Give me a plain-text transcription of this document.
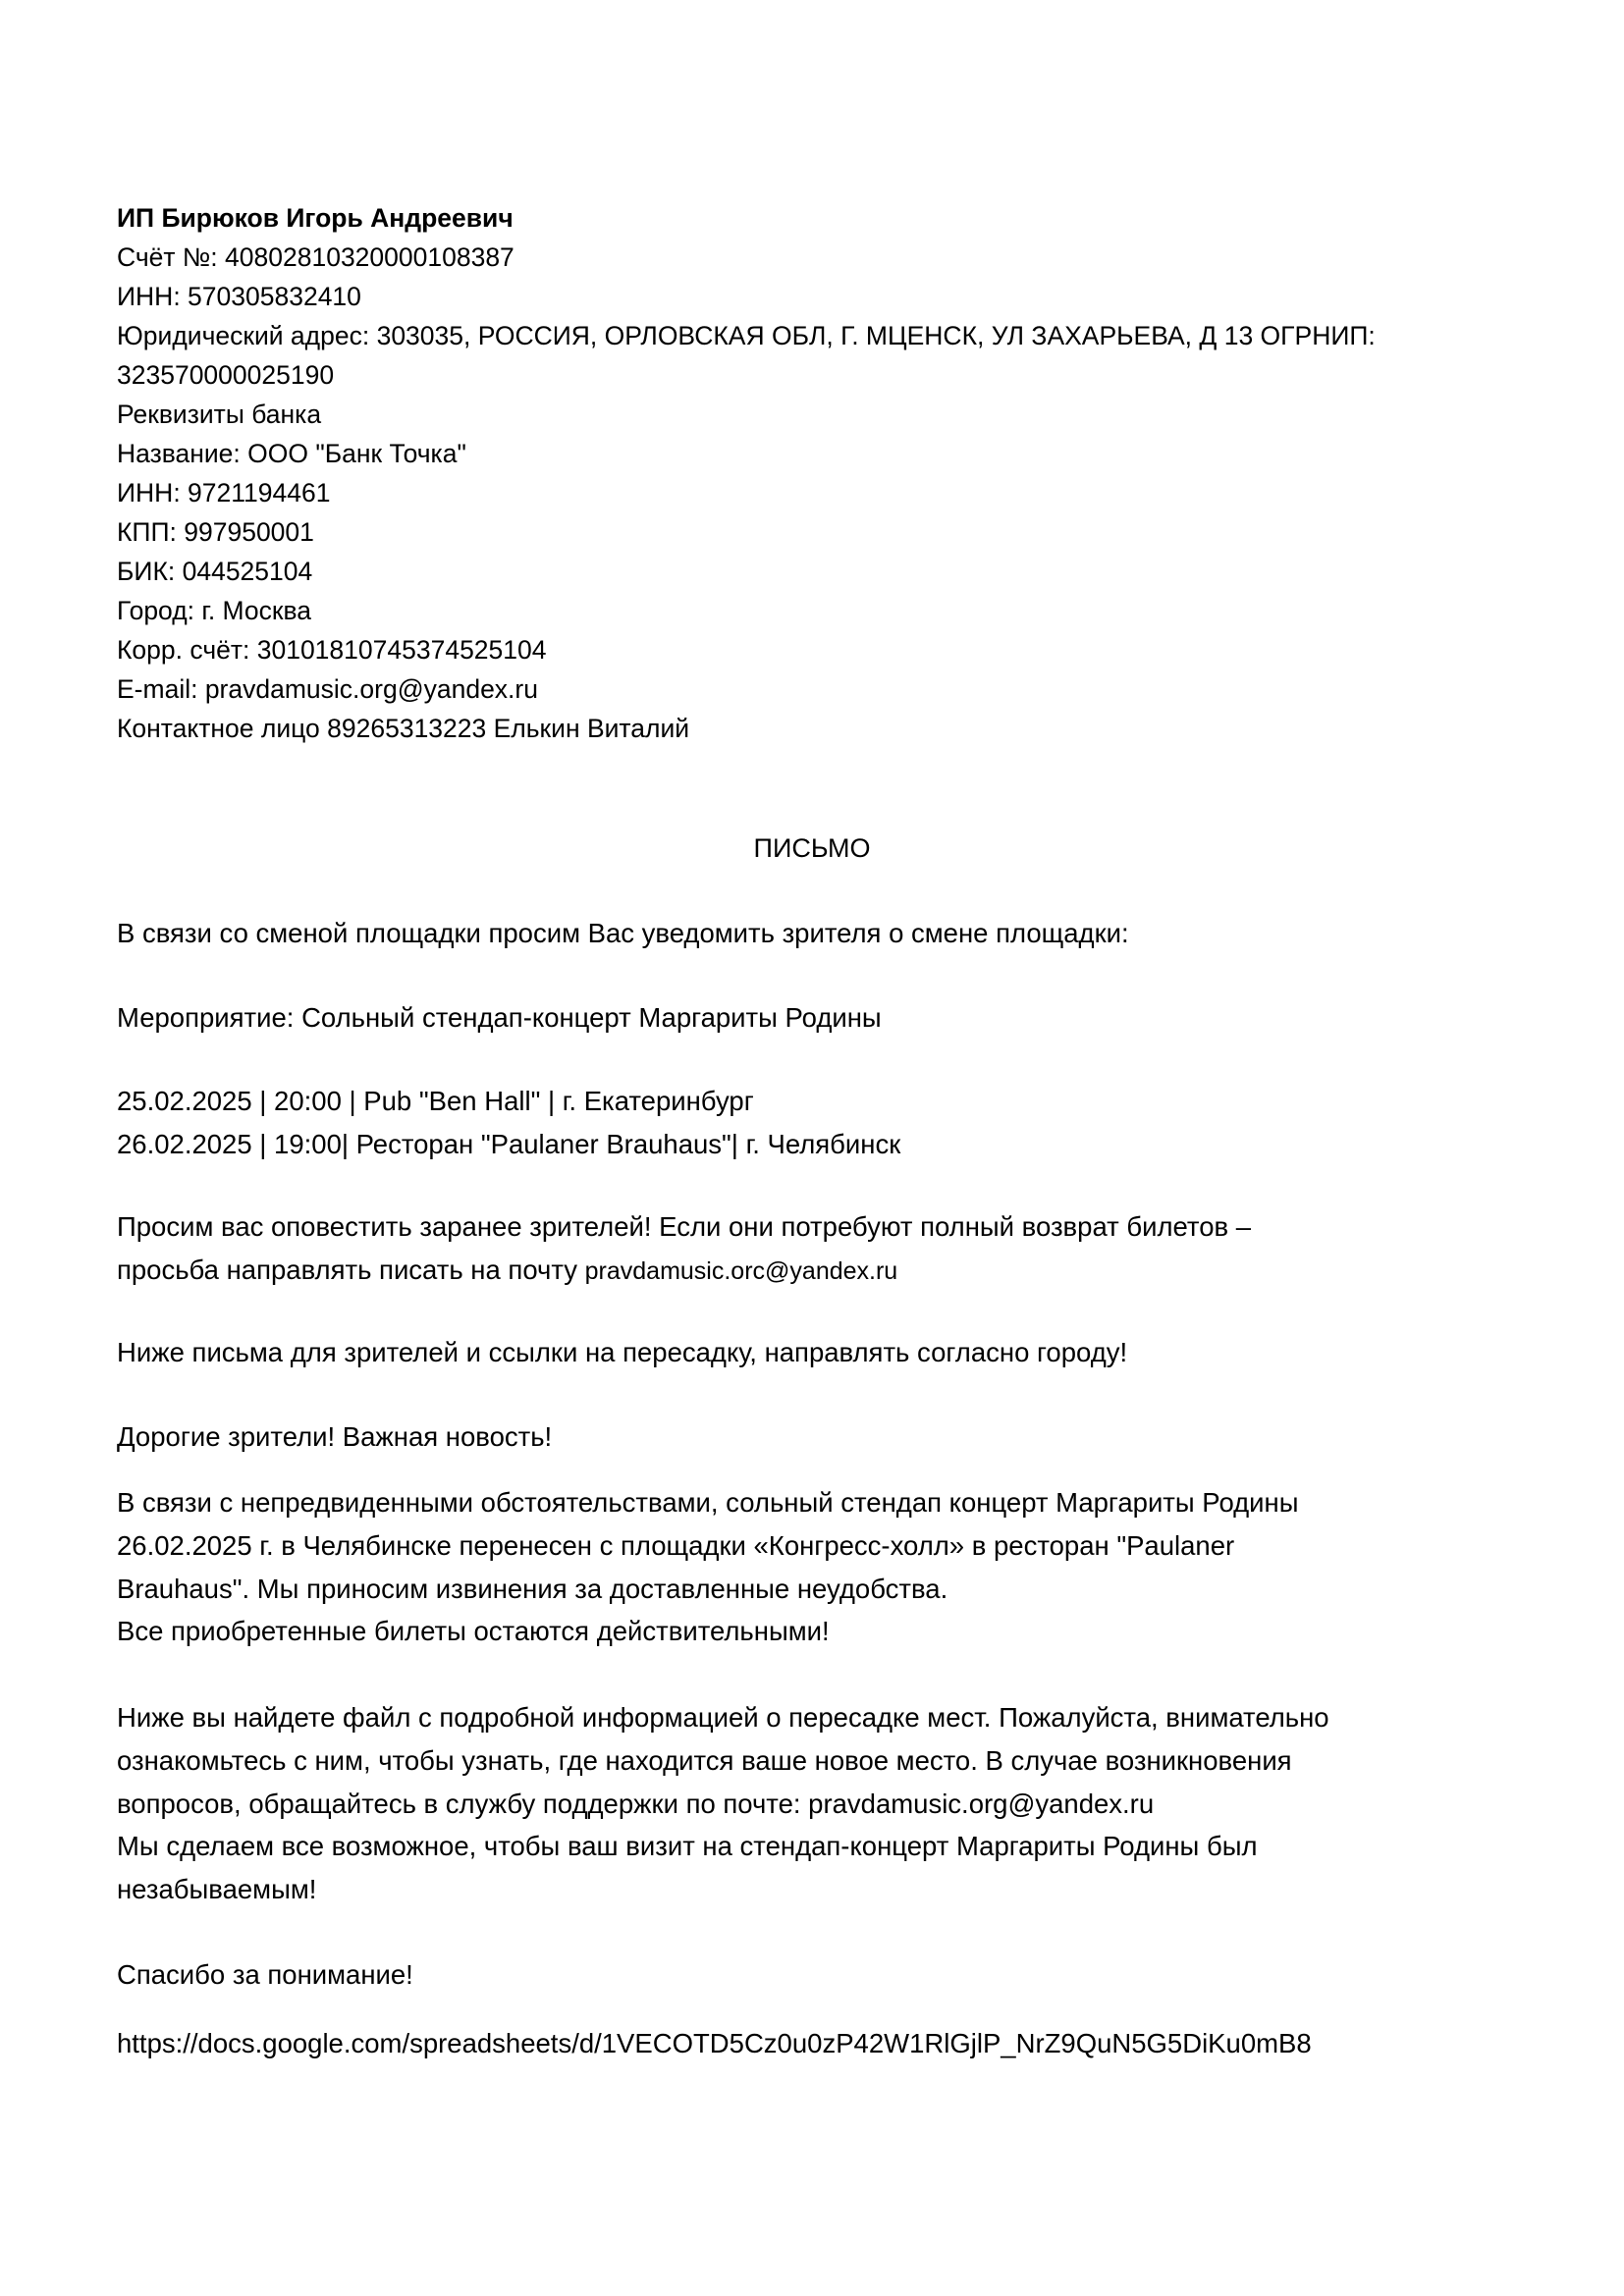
ИП Бирюков Игорь Андреевич
Счёт №: 40802810320000108387
ИНН: 570305832410
Юридический адрес: 303035, РОССИЯ, ОРЛОВСКАЯ ОБЛ, Г. МЦЕНСК, УЛ ЗАХАРЬЕВА, Д 13 ОГРНИП:
323570000025190
Реквизиты банка
Название: ООО "Банк Точка"
ИНН: 9721194461
КПП: 997950001
БИК: 044525104
Город: г. Москва
Корр. счёт: 30101810745374525104
E-mail: pravdamusic.org@yandex.ru
Контактное лицо 89265313223 Елькин Виталий
ПИСЬМО
В связи со сменой площадки просим Вас уведомить зрителя о смене площадки:
Мероприятие: Сольный стендап-концерт Маргариты Родины
25.02.2025 | 20:00 | Pub "Ben Hall" | г. Екатеринбург
26.02.2025 | 19:00| Ресторан "Paulaner Brauhaus"| г. Челябинск
Просим вас оповестить заранее зрителей! Если они потребуют полный возврат билетов –
просьба направлять писать на почту pravdamusic.orc@yandex.ru
Ниже письма для зрителей и ссылки на пересадку, направлять согласно городу!
Дорогие зрители! Важная новость!
В связи с непредвиденными обстоятельствами, сольный стендап концерт Маргариты Родины
26.02.2025 г. в Челябинске перенесен с площадки «Конгресс-холл» в ресторан "Paulaner
Brauhaus". Мы приносим извинения за доставленные неудобства.
Все приобретенные билеты остаются действительными!
Ниже вы найдете файл с подробной информацией о пересадке мест. Пожалуйста, внимательно
ознакомьтесь с ним, чтобы узнать, где находится ваше новое место. В случае возникновения
вопросов, обращайтесь в службу поддержки по почте: pravdamusic.org@yandex.ru
Мы сделаем все возможное, чтобы ваш визит на стендап-концерт Маргариты Родины был
незабываемым!
Спасибо за понимание!
https://docs.google.com/spreadsheets/d/1VECOTD5Cz0u0zP42W1RlGjlP_NrZ9QuN5G5DiKu0mB8
